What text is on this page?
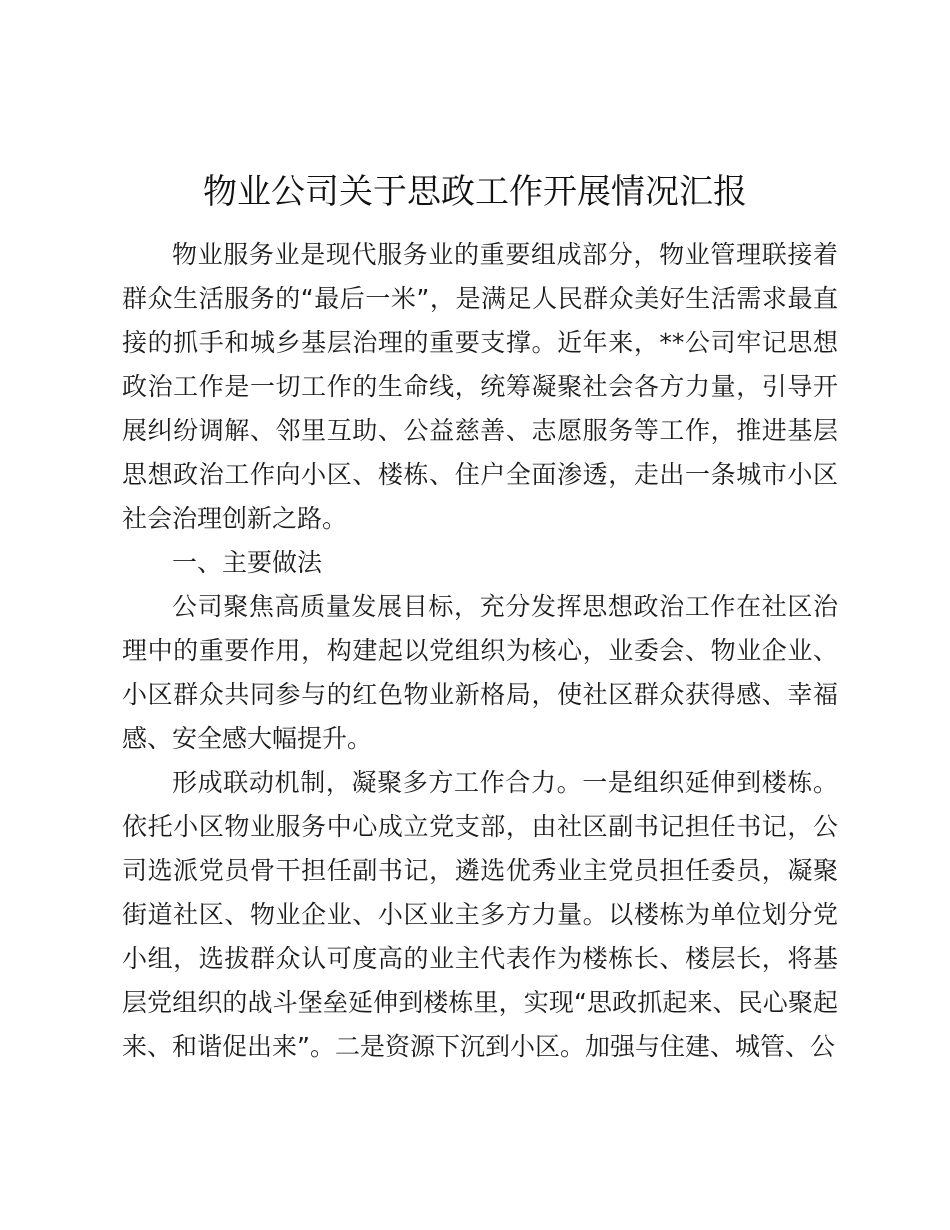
物业公司关于思政工作开展情况汇报

物业服务业是现代服务业的重要组成部分，物业管理联接着群众生活服务的“最后一米”，是满足人民群众美好生活需求最直接的抓手和城乡基层治理的重要支撑。近年来，**公司牢记思想政治工作是一切工作的生命线，统筹凝聚社会各方力量，引导开展纠纷调解、邻里互助、公益慈善、志愿服务等工作，推进基层思想政治工作向小区、楼栋、住户全面渗透，走出一条城市小区社会治理创新之路。

一、主要做法

公司聚焦高质量发展目标，充分发挥思想政治工作在社区治理中的重要作用，构建起以党组织为核心，业委会、物业企业、小区群众共同参与的红色物业新格局，使社区群众获得感、幸福感、安全感大幅提升。

形成联动机制，凝聚多方工作合力。一是组织延伸到楼栋。依托小区物业服务中心成立党支部，由社区副书记担任书记，公司选派党员骨干担任副书记，遴选优秀业主党员担任委员，凝聚街道社区、物业企业、小区业主多方力量。以楼栋为单位划分党小组，选拔群众认可度高的业主代表作为楼栋长、楼层长，将基层党组织的战斗堡垒延伸到楼栋里，实现“思政抓起来、民心聚起来、和谐促出来”。二是资源下沉到小区。加强与住建、城管、公
